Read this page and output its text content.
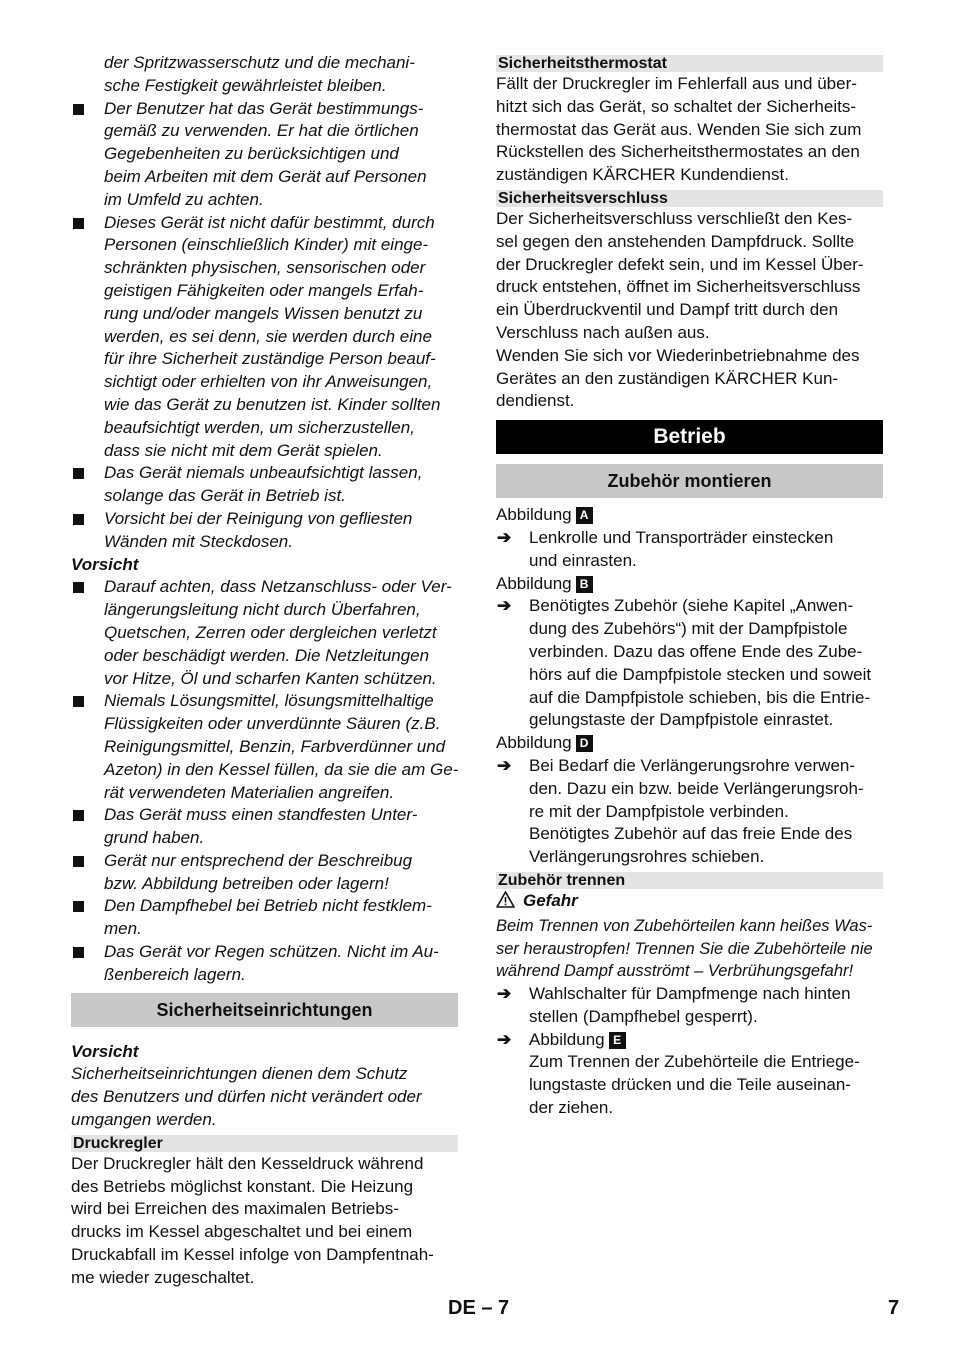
der Spritzwasserschutz und die mechani-
sche Festigkeit gewährleistet bleiben.
Der Benutzer hat das Gerät bestimmungs-
gemäß zu verwenden. Er hat die örtlichen
Gegebenheiten zu berücksichtigen und
beim Arbeiten mit dem Gerät auf Personen
im Umfeld zu achten.
Dieses Gerät ist nicht dafür bestimmt, durch
Personen (einschließlich Kinder) mit einge-
schränkten physischen, sensorischen oder
geistigen Fähigkeiten oder mangels Erfah-
rung und/oder mangels Wissen benutzt zu
werden, es sei denn, sie werden durch eine
für ihre Sicherheit zuständige Person beauf-
sichtigt oder erhielten von ihr Anweisungen,
wie das Gerät zu benutzen ist. Kinder sollten
beaufsichtigt werden, um sicherzustellen,
dass sie nicht mit dem Gerät spielen.
Das Gerät niemals unbeaufsichtigt lassen,
solange das Gerät in Betrieb ist.
Vorsicht bei der Reinigung von gefliesten
Wänden mit Steckdosen.
Vorsicht
Darauf achten, dass Netzanschluss- oder Ver-
längerungsleitung nicht durch Überfahren,
Quetschen, Zerren oder dergleichen verletzt
oder beschädigt werden. Die Netzleitungen
vor Hitze, Öl und scharfen Kanten schützen.
Niemals Lösungsmittel, lösungsmittelhaltige
Flüssigkeiten oder unverdünnte Säuren (z.B.
Reinigungsmittel, Benzin, Farbverdünner und
Azeton) in den Kessel füllen, da sie die am Ge-
rät verwendeten Materialien angreifen.
Das Gerät muss einen standfesten Unter-
grund haben.
Gerät nur entsprechend der Beschreibug
bzw. Abbildung betreiben oder lagern!
Den Dampfhebel bei Betrieb nicht festklem-
men.
Das Gerät vor Regen schützen. Nicht im Au-
ßenbereich lagern.
Sicherheitseinrichtungen
Vorsicht
Sicherheitseinrichtungen dienen dem Schutz
des Benutzers und dürfen nicht verändert oder
umgangen werden.
Druckregler
Der Druckregler hält den Kesseldruck während
des Betriebs möglichst konstant. Die Heizung
wird bei Erreichen des maximalen Betriebs-
drucks im Kessel abgeschaltet und bei einem
Druckabfall im Kessel infolge von Dampfentnah-
me wieder zugeschaltet.
Sicherheitsthermostat
Fällt der Druckregler im Fehlerfall aus und über-
hitzt sich das Gerät, so schaltet der Sicherheits-
thermostat das Gerät aus. Wenden Sie sich zum
Rückstellen des Sicherheitsthermostates an den
zuständigen KÄRCHER Kundendienst.
Sicherheitsverschluss
Der Sicherheitsverschluss verschließt den Kes-
sel gegen den anstehenden Dampfdruck. Sollte
der Druckregler defekt sein, und im Kessel Über-
druck entstehen, öffnet im Sicherheitsverschluss
ein Überdruckventil und Dampf tritt durch den
Verschluss nach außen aus.
Wenden Sie sich vor Wiederinbetriebnahme des
Gerätes an den zuständigen KÄRCHER Kun-
dendienst.
Betrieb
Zubehör montieren
Abbildung A
➔ Lenkrolle und Transporträder einstecken
und einrasten.
Abbildung B
➔ Benötigtes Zubehör (siehe Kapitel „Anwen-
dung des Zubehörs“) mit der Dampfpistole
verbinden. Dazu das offene Ende des Zube-
hörs auf die Dampfpistole stecken und soweit
auf die Dampfpistole schieben, bis die Entrie-
gelungstaste der Dampfpistole einrastet.
Abbildung D
➔ Bei Bedarf die Verlängerungsrohre verwen-
den. Dazu ein bzw. beide Verlängerungsroh-
re mit der Dampfpistole verbinden.
Benötigtes Zubehör auf das freie Ende des
Verlängerungsrohres schieben.
Zubehör trennen
Gefahr
Beim Trennen von Zubehörteilen kann heißes Was-
ser heraustropfen! Trennen Sie die Zubehörteile nie
während Dampf ausströmt – Verbrühungsgefahr!
➔ Wahlschalter für Dampfmenge nach hinten
stellen (Dampfhebel gesperrt).
➔ Abbildung E
Zum Trennen der Zubehörteile die Entriege-
lungstaste drücken und die Teile auseinan-
der ziehen.
DE – 7	7
